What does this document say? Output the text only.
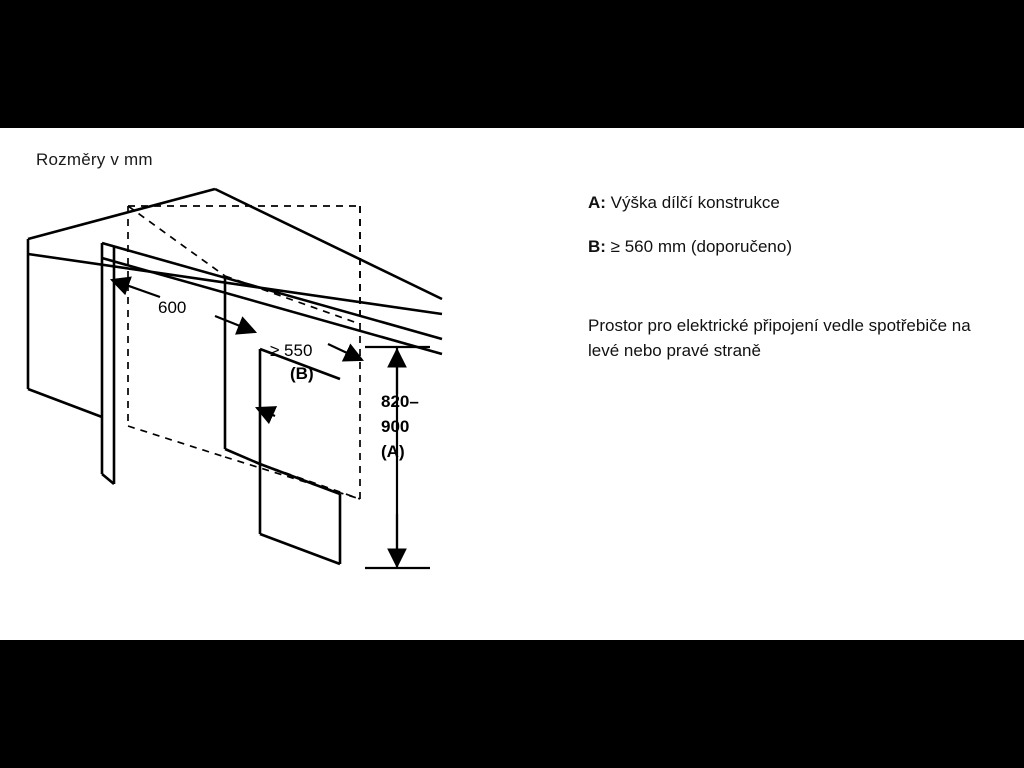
Rozměry v mm
600
≥ 550
(B)
820–
900
(A)
A: Výška dílčí konstrukce
B: ≥ 560 mm (doporučeno)
Prostor pro elektrické připojení vedle spotřebiče na levé nebo pravé straně
